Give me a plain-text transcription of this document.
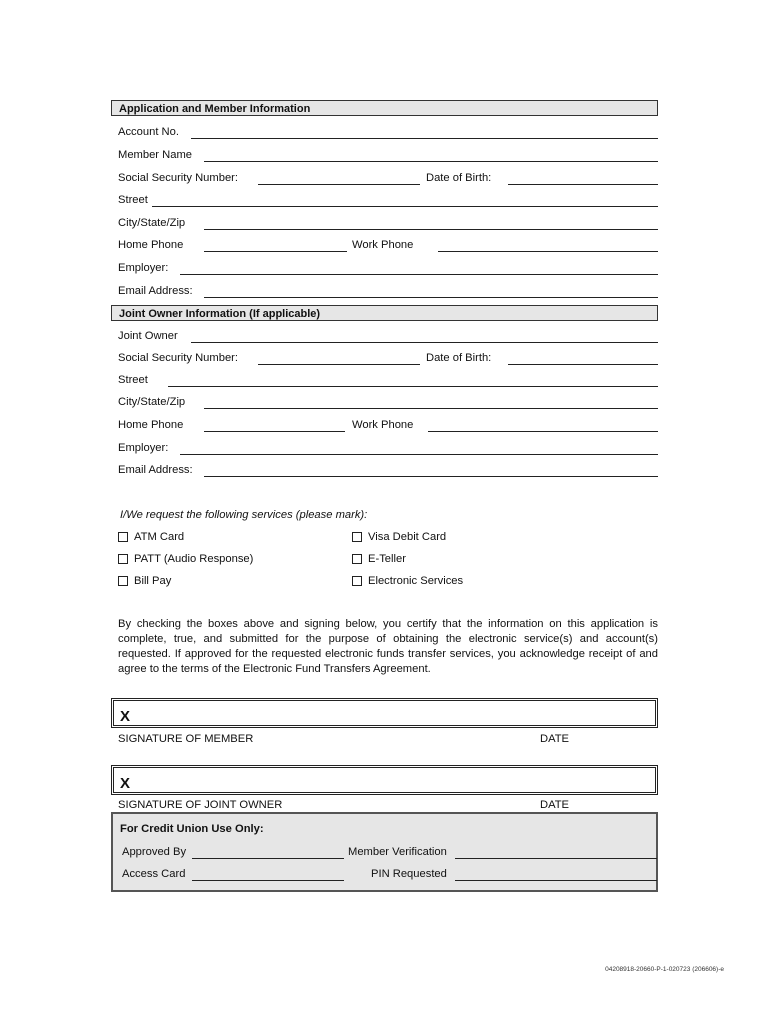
Application and Member Information
Account No.
Member Name
Social Security Number:	Date of Birth:
Street
City/State/Zip
Home Phone	Work Phone
Employer:
Email Address:
Joint Owner Information (If applicable)
Joint Owner
Social Security Number:	Date of Birth:
Street
City/State/Zip
Home Phone	Work Phone
Employer:
Email Address:
I/We request the following services (please mark):
ATM Card	Visa Debit Card
PATT (Audio Response)	E-Teller
Bill Pay	Electronic Services
By checking the boxes above and signing below, you certify that the information on this application is complete, true, and submitted for the purpose of obtaining the electronic service(s) and account(s) requested. If approved for the requested electronic funds transfer services, you acknowledge receipt of and agree to the terms of the Electronic Fund Transfers Agreement.
X
SIGNATURE OF MEMBER	DATE
X
SIGNATURE OF JOINT OWNER	DATE
For Credit Union Use Only:
Approved By	Member Verification
Access Card	PIN Requested
04208918-20660-P-1-020723 (206606)-e
